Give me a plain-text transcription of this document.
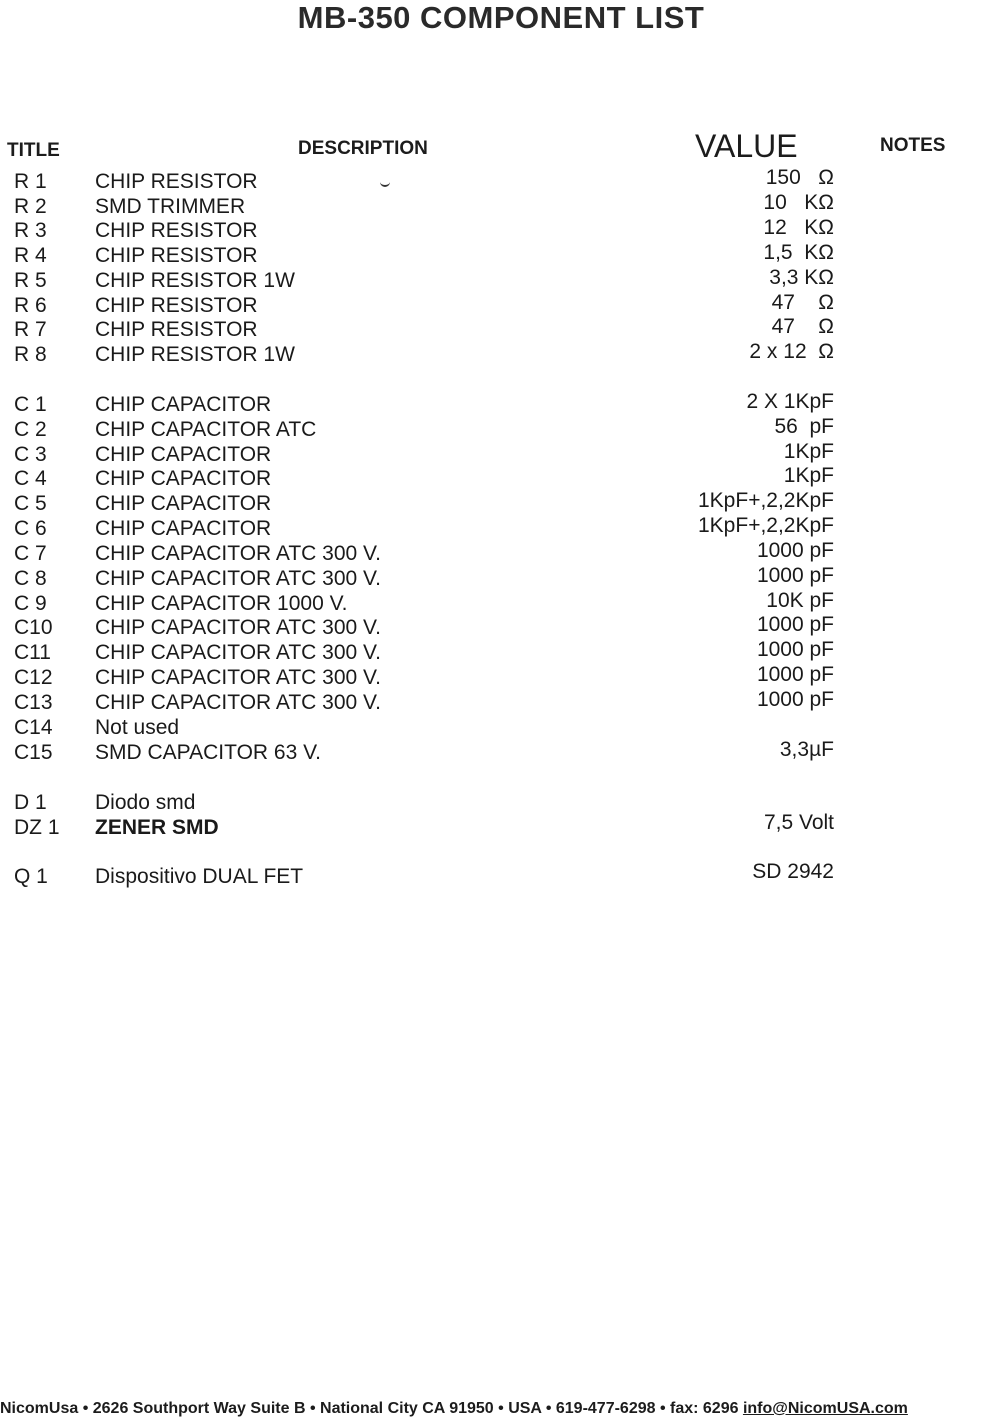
MB-350 COMPONENT LIST
TITLE	DESCRIPTION	VALUE	NOTES
R 1	CHIP RESISTOR	150   Ω
R 2	SMD TRIMMER	10   KΩ
R 3	CHIP RESISTOR	12   KΩ
R 4	CHIP RESISTOR	1,5  KΩ
R 5	CHIP RESISTOR 1W	3,3 KΩ
R 6	CHIP RESISTOR	47    Ω
R 7	CHIP RESISTOR	47    Ω
R 8	CHIP RESISTOR 1W	2 x 12  Ω
C 1	CHIP CAPACITOR	2 X 1KpF
C 2	CHIP CAPACITOR ATC	56  pF
C 3	CHIP CAPACITOR	1KpF
C 4	CHIP CAPACITOR	1KpF
C 5	CHIP CAPACITOR	1KpF+,2,2KpF
C 6	CHIP CAPACITOR	1KpF+,2,2KpF
C 7	CHIP CAPACITOR ATC 300 V.	1000 pF
C 8	CHIP CAPACITOR ATC 300 V.	1000 pF
C 9	CHIP CAPACITOR 1000 V.	10K pF
C10	CHIP CAPACITOR ATC 300 V.	1000 pF
C11	CHIP CAPACITOR ATC 300 V.	1000 pF
C12	CHIP CAPACITOR ATC 300 V.	1000 pF
C13	CHIP CAPACITOR ATC 300 V.	1000 pF
C14	Not used
C15	SMD CAPACITOR 63 V.	3,3µF
D 1	Diodo smd
DZ 1	ZENER SMD	7,5 Volt
Q 1	Dispositivo DUAL FET	SD 2942
NicomUsa • 2626 Southport Way Suite B • National City CA 91950 • USA • 619-477-6298 • fax: 6296 info@NicomUSA.com
